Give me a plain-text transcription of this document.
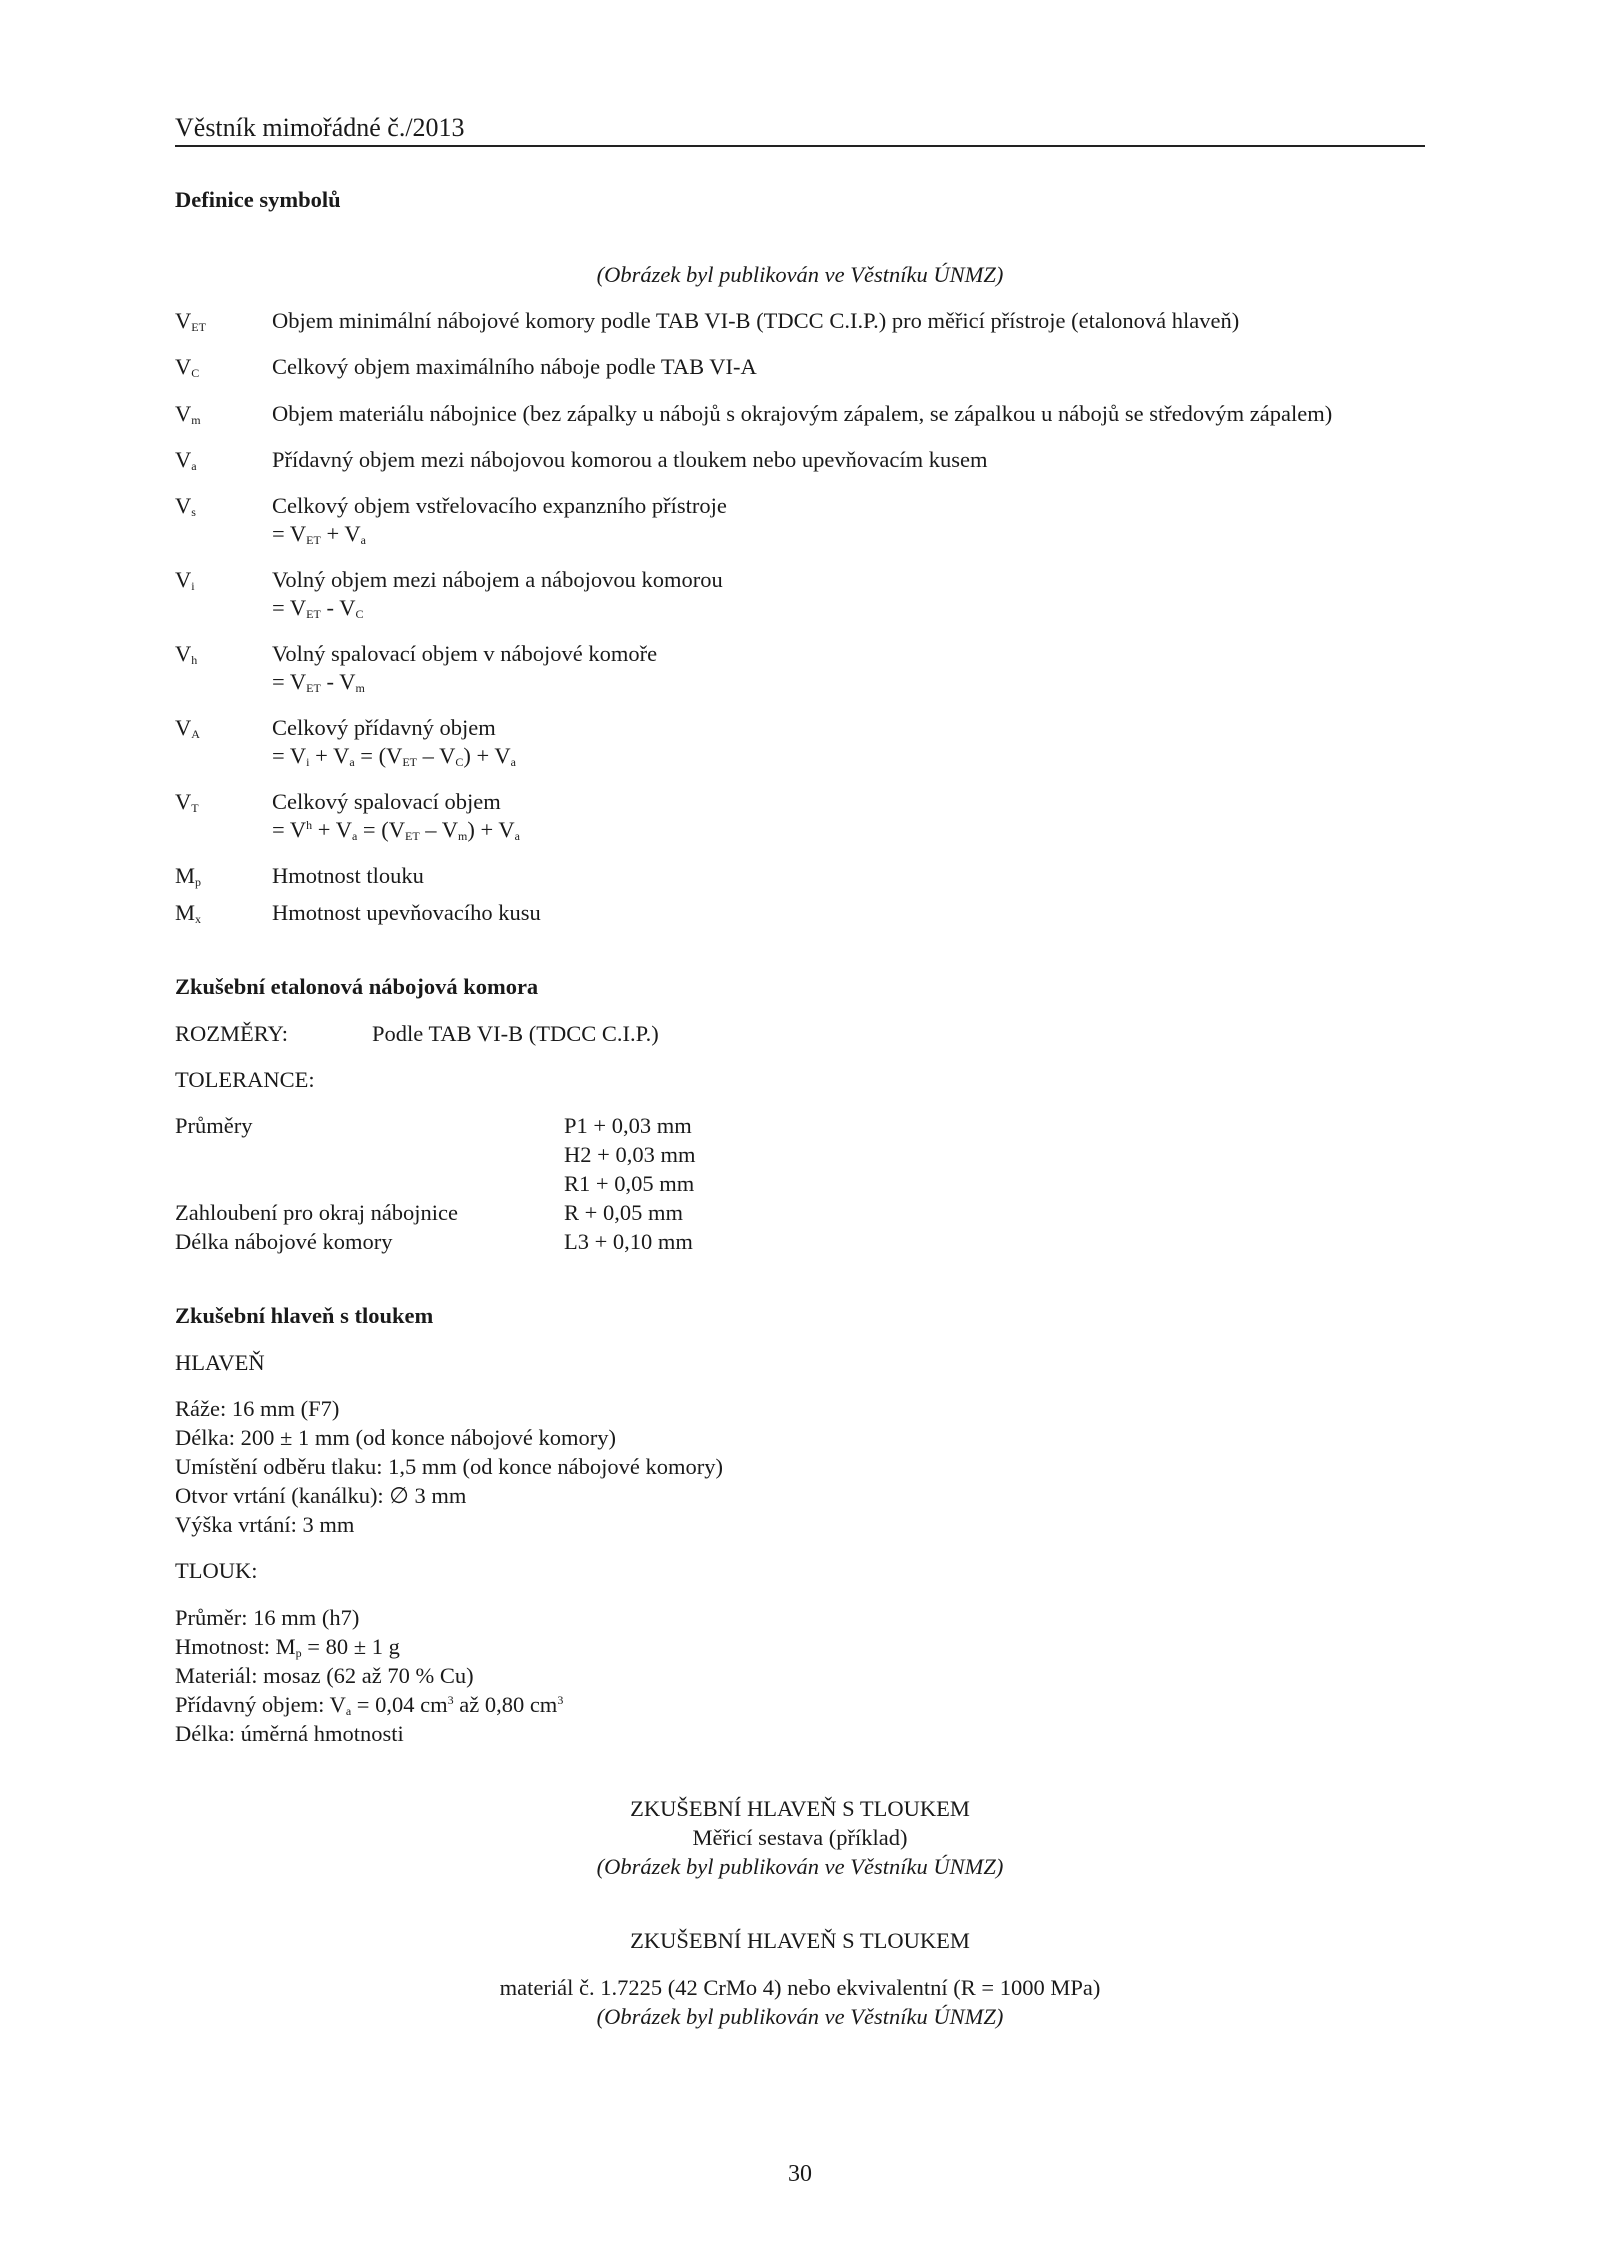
Věstník mimořádné č./2013
Definice symbolů
(Obrázek byl publikován ve Věstníku ÚNMZ)
$V_{ET}$	Objem minimální nábojové komory podle TAB VI-B (TDCC C.I.P.) pro měřicí přístroje (etalonová hlaveň)
$V_C$	Celkový objem maximálního náboje podle TAB VI-A
$V_m$	Objem materiálu nábojnice (bez zápalky u nábojů s okrajovým zápalem, se zápalkou u nábojů se středovým zápalem)
$V_a$	Přídavný objem mezi nábojovou komorou a tloukem nebo upevňovacím kusem
$V_s$	Celkový objem vstřelovacího expanzního přístroje
= $V_{ET} + V_a$
$V_i$	Volný objem mezi nábojem a nábojovou komorou
= $V_{ET} - V_C$
$V_h$	Volný spalovací objem v nábojové komoře
= $V_{ET} - V_m$
$V_A$	Celkový přídavný objem
= $V_i + V_a = (V_{ET} - V_C) + V_a$
$V_T$	Celkový spalovací objem
= $V^h + V_a = (V_{ET} - V_m) + V_a$
$M_p$	Hmotnost tlouku
$M_x$	Hmotnost upevňovacího kusu
Zkušební etalonová nábojová komora
ROZMĚRY:	Podle TAB VI-B (TDCC C.I.P.)
TOLERANCE:
Průměry	P1 + 0,03 mm
H2 + 0,03 mm
R1 + 0,05 mm
Zahloubení pro okraj nábojnice	R + 0,05 mm
Délka nábojové komory	L3 + 0,10 mm
Zkušební hlaveň s tloukem
HLAVEŇ
Ráže: 16 mm (F7)
Délka: 200 ± 1 mm (od konce nábojové komory)
Umístění odběru tlaku: 1,5 mm (od konce nábojové komory)
Otvor vrtání (kanálku): ∅ 3 mm
Výška vrtání: 3 mm
TLOUK:
Průměr: 16 mm (h7)
Hmotnost: $M_p = 80 \pm 1$ g
Materiál: mosaz (62 až 70 % Cu)
Přídavný objem: $V_a = 0,04$ $cm^3$ až 0,80 $cm^3$
Délka: úměrná hmotnosti
ZKUŠEBNÍ HLAVEŇ S TLOUKEM
Měřicí sestava (příklad)
(Obrázek byl publikován ve Věstníku ÚNMZ)
ZKUŠEBNÍ HLAVEŇ S TLOUKEM
materiál č. 1.7225 (42 CrMo 4) nebo ekvivalentní (R = 1000 MPa)
(Obrázek byl publikován ve Věstníku ÚNMZ)
30
